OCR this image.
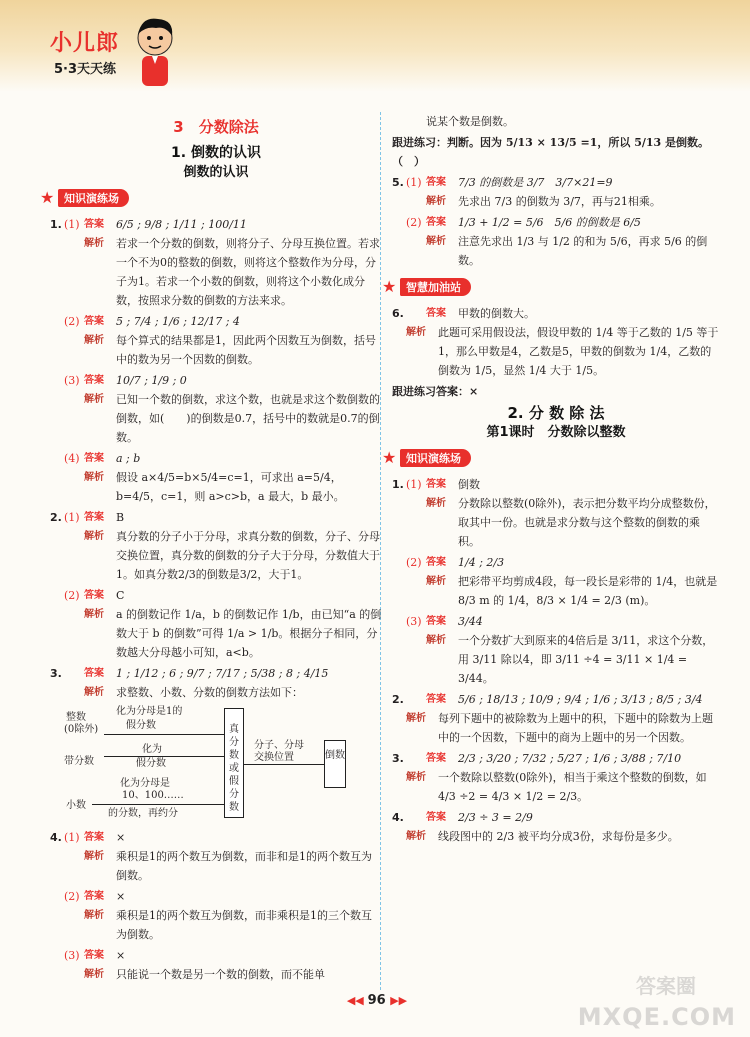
小儿郎
5·3天天练
3　分数除法
1. 倒数的认识
倒数的认识
★ 知识演练场
1. (1) 答案	6/5 ; 9/8 ; 1/11 ; 100/11
解析	若求一个分数的倒数，则将分子、分母互换位置。若求一个不为0的整数的倒数，则将这个整数作为分母，分子为1。若求一个小数的倒数，则将这个小数化成分数，按照求分数的倒数的方法来求。
(2) 答案	5 ; 7/4 ; 1/6 ; 12/17 ; 4
解析	每个算式的结果都是1，因此两个因数互为倒数，括号中的数为另一个因数的倒数。
(3) 答案	10/7 ; 1/9 ; 0
解析	已知一个数的倒数，求这个数，也就是求这个数倒数的倒数，如(　　)的倒数是0.7，括号中的数就是0.7的倒数。
(4) 答案	a ; b
解析	假设 a×4/5=b×5/4=c=1，可求出 a=5/4，b=4/5，c=1，则 a>c>b，a 最大，b 最小。
2. (1) 答案	B
解析	真分数的分子小于分母，求真分数的倒数，分子、分母交换位置，真分数的倒数的分子大于分母，分数值大于1。如真分数2/3的倒数是3/2，大于1。
(2) 答案	C
解析	a 的倒数记作 1/a，b 的倒数记作 1/b，由已知“a 的倒数大于 b 的倒数”可得 1/a > 1/b。根据分子相同，分数越大分母越小可知，a<b。
3. 答案	1 ; 1/12 ; 6 ; 9/7 ; 7/17 ; 5/38 ; 8 ; 4/15
解析	求整数、小数、分数的倒数方法如下：
整数
(0除外)
化为分母是1的
假分数
带分数
化为
假分数
小数
化为分母是
10、100……
的分数，再约分
真分数或假分数
分子、分母
交换位置	倒数
4. (1) 答案	×
解析	乘积是1的两个数互为倒数，而非和是1的两个数互为倒数。
(2) 答案	×
解析	乘积是1的两个数互为倒数，而非乘积是1的三个数互为倒数。
(3) 答案	×
解析	只能说一个数是另一个数的倒数，而不能单
说某个数是倒数。
跟进练习：判断。因为 5/13 × 13/5 =1，所以 5/13 是倒数。（　）
5. (1) 答案	7/3 的倒数是 3/7　3/7×21=9
解析	先求出 7/3 的倒数为 3/7，再与21相乘。
(2) 答案	1/3 + 1/2 = 5/6　5/6 的倒数是 6/5
解析	注意先求出 1/3 与 1/2 的和为 5/6，再求 5/6 的倒数。
★ 智慧加油站
6. 答案	甲数的倒数大。
解析	此题可采用假设法，假设甲数的 1/4 等于乙数的 1/5 等于1，那么甲数是4，乙数是5，甲数的倒数为 1/4，乙数的倒数为 1/5，显然 1/4 大于 1/5。
跟进练习答案：×
2. 分 数 除 法
第1课时　分数除以整数
★ 知识演练场
1. (1) 答案	倒数
解析	分数除以整数(0除外)，表示把分数平均分成整数份，取其中一份。也就是求分数与这个整数的倒数的乘积。
(2) 答案	1/4 ; 2/3
解析	把彩带平均剪成4段，每一段长是彩带的 1/4，也就是 8/3 m 的 1/4，8/3 × 1/4 = 2/3 (m)。
(3) 答案	3/44
解析	一个分数扩大到原来的4倍后是 3/11，求这个分数，用 3/11 除以4，即 3/11 ÷4 = 3/11 × 1/4 = 3/44。
2. 答案	5/6 ; 18/13 ; 10/9 ; 9/4 ; 1/6 ; 3/13 ; 8/5 ; 3/4
解析	每列下题中的被除数为上题中的积，下题中的除数为上题中的一个因数，下题中的商为上题中的另一个因数。
3. 答案	2/3 ; 3/20 ; 7/32 ; 5/27 ; 1/6 ; 3/88 ; 7/10
解析	一个数除以整数(0除外)，相当于乘这个整数的倒数，如 4/3 ÷2 = 4/3 × 1/2 = 2/3。
4. 答案	2/3 ÷ 3 = 2/9
解析	线段图中的 2/3 被平均分成3份，求每份是多少。
◀◀ 96 ▶▶
答案圈
MXQE.COM
